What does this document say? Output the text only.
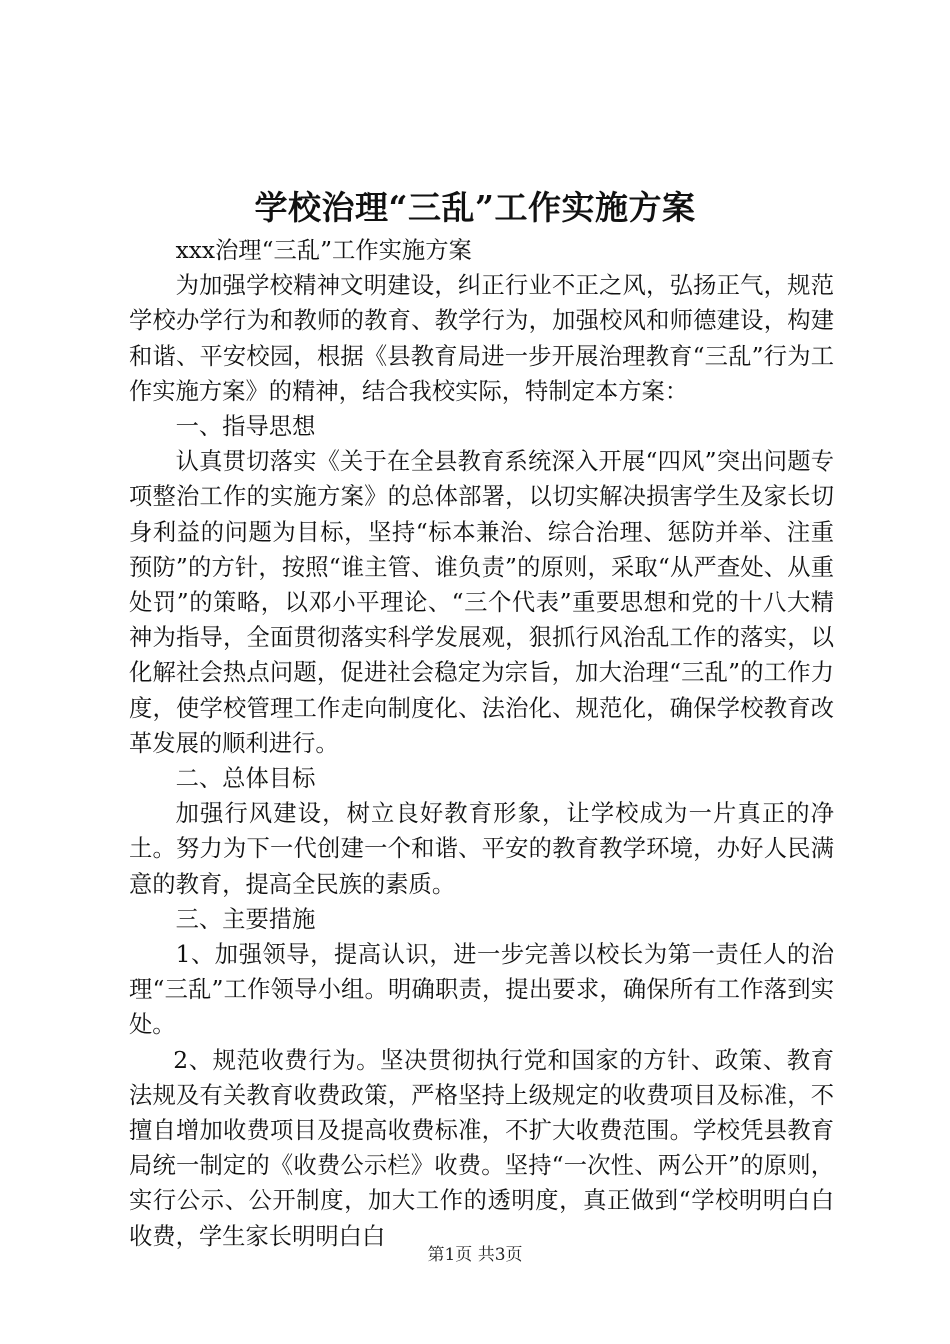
学校治理“三乱”工作实施方案

xxx治理“三乱”工作实施方案

为加强学校精神文明建设，纠正行业不正之风，弘扬正气，规范学校办学行为和教师的教育、教学行为，加强校风和师德建设，构建和谐、平安校园，根据《县教育局进一步开展治理教育“三乱”行为工作实施方案》的精神，结合我校实际，特制定本方案：

一、指导思想

认真贯切落实《关于在全县教育系统深入开展“四风”突出问题专项整治工作的实施方案》的总体部署，以切实解决损害学生及家长切身利益的问题为目标，坚持“标本兼治、综合治理、惩防并举、注重预防”的方针，按照“谁主管、谁负责”的原则，采取“从严查处、从重处罚”的策略，以邓小平理论、“三个代表”重要思想和党的十八大精神为指导，全面贯彻落实科学发展观，狠抓行风治乱工作的落实，以化解社会热点问题，促进社会稳定为宗旨，加大治理“三乱”的工作力度，使学校管理工作走向制度化、法治化、规范化，确保学校教育改革发展的顺利进行。

二、总体目标

加强行风建设，树立良好教育形象，让学校成为一片真正的净土。努力为下一代创建一个和谐、平安的教育教学环境，办好人民满意的教育，提高全民族的素质。

三、主要措施

1、加强领导，提高认识，进一步完善以校长为第一责任人的治理“三乱”工作领导小组。明确职责，提出要求，确保所有工作落到实处。

2、规范收费行为。坚决贯彻执行党和国家的方针、政策、教育法规及有关教育收费政策，严格坚持上级规定的收费项目及标准，不擅自增加收费项目及提高收费标准，不扩大收费范围。学校凭县教育局统一制定的《收费公示栏》收费。坚持“一次性、两公开”的原则，实行公示、公开制度，加大工作的透明度，真正做到“学校明明白白收费，学生家长明明白白

第1页 共3页
